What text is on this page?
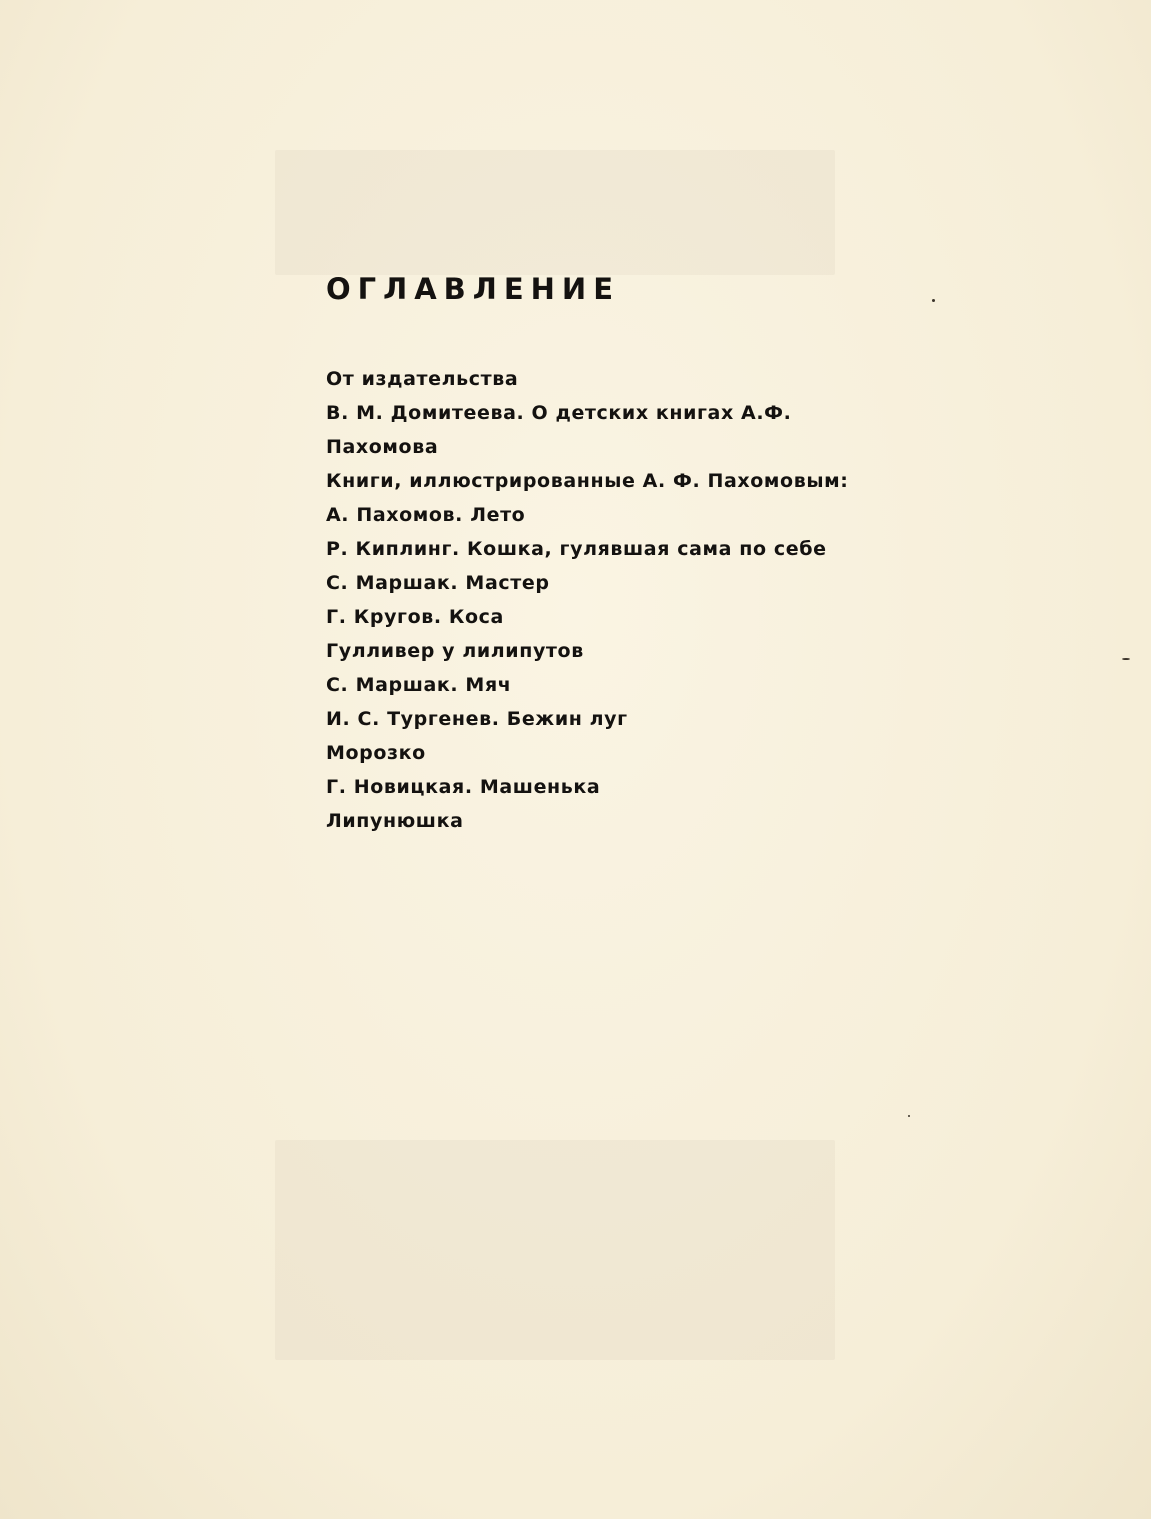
ОГЛАВЛЕНИЕ
От издательства
В. М. Домитеева. О детских книгах А.Ф. Пахомова
Книги, иллюстрированные А. Ф. Пахомовым:
А. Пахомов. Лето
Р. Киплинг. Кошка, гулявшая сама по себе
С. Маршак. Мастер
Г. Кругов. Коса
Гулливер у лилипутов
С. Маршак. Мяч
И. С. Тургенев. Бежин луг
Морозко
Г. Новицкая. Машенька
Липунюшка
